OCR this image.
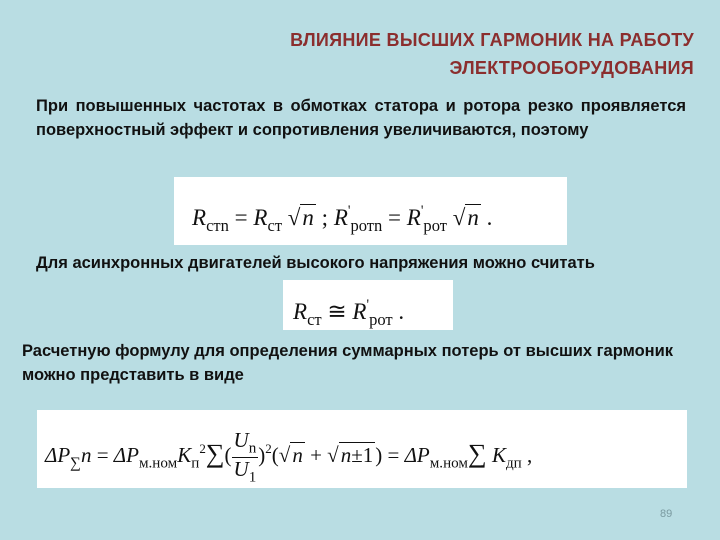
ВЛИЯНИЕ ВЫСШИХ ГАРМОНИК НА РАБОТУ
ЭЛЕКТРООБОРУДОВАНИЯ

При повышенных частотах в обмотках статора и ротора резко проявляется поверхностный эффект и сопротивления увеличиваются, поэтому

$R_{стn} = R_{ст}$ √n ; $R'_{ротn} = R'_{рот}$ √n .

Для асинхронных двигателей высокого напряжения можно считать

$R_{ст}$ ≅ $R'_{рот}$ .

Расчетную формулу для определения суммарных потерь от высших гармоник можно представить в виде

$\Delta P_\sum n = \Delta P_{м.ном}K_п^2\sum( \frac{U_n}{U_1} )^2(√n + √n\pm 1) = \Delta P_{м.ном}\sum$ $K_{дп}$ ,
89
